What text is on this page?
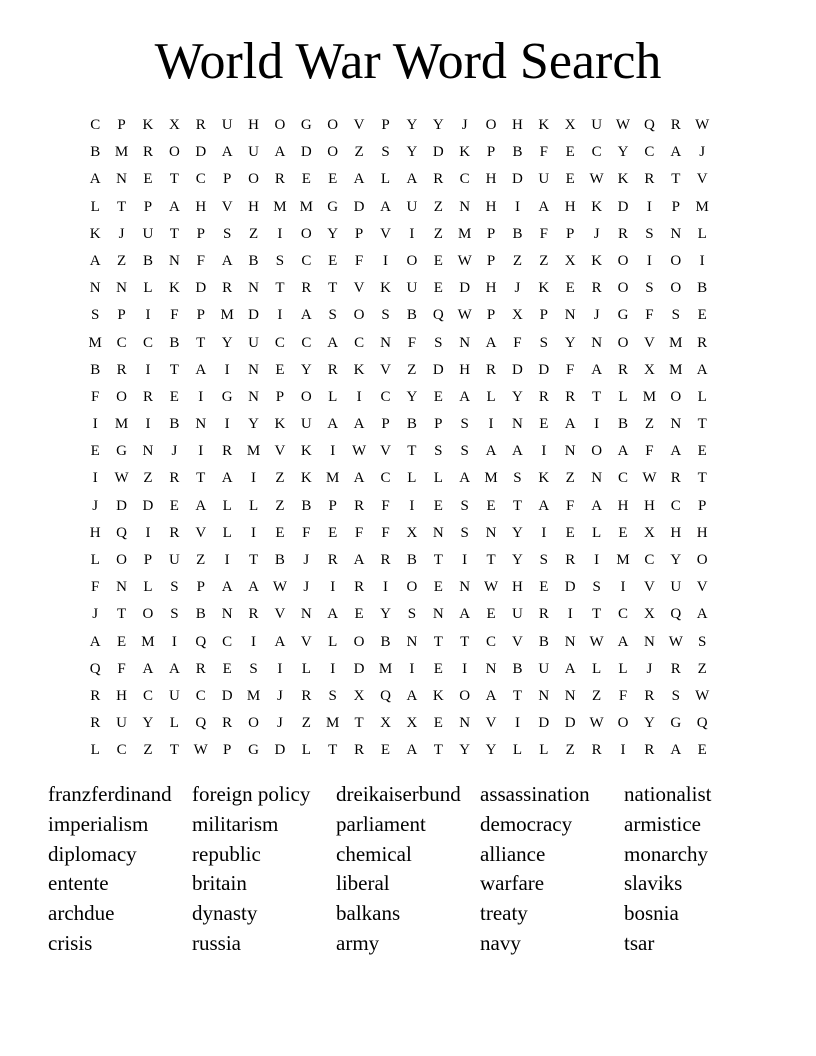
World War Word Search
C	P	K	X	R	U	H	O	G	O	V	P	Y	Y	J	O	H	K	X	U W Q	R W
B M R	O	D	A	U	A	D	O	Z	S	Y	D	K	P	B	F	E	C	Y	C	A	J
A	N	E	T	C	P	O	R	E	E	A	L	A	R	C	H	D	U	E W K	R	T	V
L	T	P	A	H	V	H M M G	D	A	U	Z	N	H	I	A	H	K	D	I	P	M
K	J	U	T	P	S	Z	I	O	Y	P	V	I	Z	M	P	B	F	P	J	R	S	N	L
A	Z	B	N	F	A	B	S	C	E	F	I	O	E W	P	Z	Z	X	K	O	I	O	I
N	N	L	K	D	R	N	T	R	T	V	K	U	E	D	H	J	K	E	R	O	S	O	B
S	P	I	F	P	M D	I	A	S	O	S	B	Q W	P	X	P	N	J	G	F	S	E
M C	C	B	T	Y	U	C	C	A	C	N	F	S	N	A	F	S	Y	N	O	V M R
B	R	I	T	A	I	N	E	Y	R	K	V	Z	D	H	R	D	D	F	A	R	X M A
F	O	R	E	I	G	N	P	O	L	I	C	Y	E	A	L	Y	R	R	T	L	M O	L
I	M	I	B	N	I	Y	K	U	A	A	P	B	P	S	I	N	E	A	I	B	Z	N	T
E	G	N	J	I	R M V	K	I	W V	T	S	S	A	A	I	N	O	A	F	A	E
I	W Z	R	T	A	I	Z	K M A	C	L	L	A M	S	K	Z	N	C W R	T
J	D	D	E	A	L	L	Z	B	P	R	F	I	E	S	E	T	A	F	A	H	H	C	P
H	Q	I	R	V	L	I	E	F	E	F	F	X	N	S	N	Y	I	E	L	E	X	H	H
L	O	P	U	Z	I	T	B	J	R	A	R	B	T	I	T	Y	S	R	I	M C	Y	O
F	N	L	S	P	A	A W	J	I	R	I	O	E	N W H	E	D	S	I	V	U	V
J	T	O	S	B	N	R	V	N	A	E	Y	S	N	A	E	U	R	I	T	C	X	Q	A
A	E	M	I	Q	C	I	A	V	L	O	B	N	T	T	C	V	B	N W A	N W	S
Q	F	A	A	R	E	S	I	L	I	D M	I	E	I	N	B	U	A	L	L	J	R	Z
R	H	C	U	C	D M	J	R	S	X	Q	A	K	O	A	T	N	N	Z	F	R	S	W
R	U	Y	L	Q	R	O	J	Z	M	T	X	X	E	N	V	I	D	D W O	Y	G	Q
L	C	Z	T W	P	G	D	L	T	R	E	A	T	Y	Y	L	L	Z	R	I	R	A	E
franzferdinand foreign policy	dreikaiserbund assassination	nationalist
imperialism	militarism	parliament	democracy	armistice
diplomacy	republic	chemical	alliance	monarchy
entente	britain	liberal	warfare	slaviks
archdue	dynasty	balkans	treaty	bosnia
crisis	russia	army	navy	tsar
